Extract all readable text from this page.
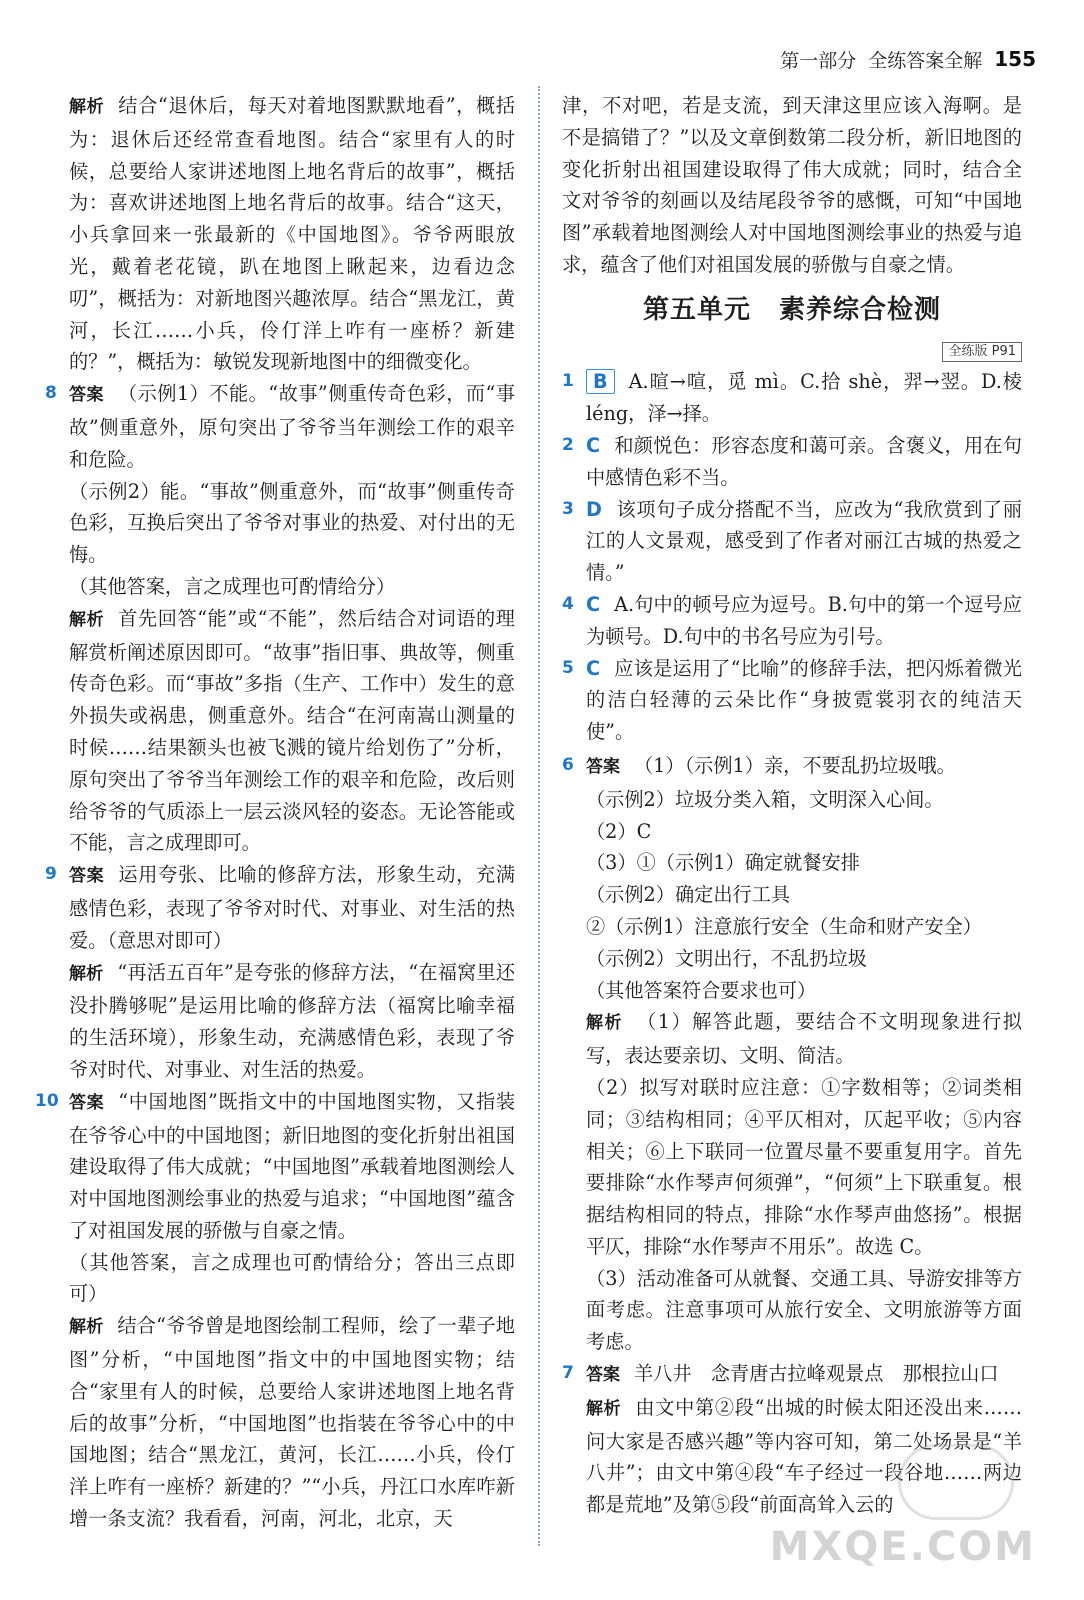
第一部分 全练答案全解 155

解析 结合“退休后，每天对着地图默默地看”，概括为：退休后还经常查看地图。结合“家里有人的时候，总要给人家讲述地图上地名背后的故事”，概括为：喜欢讲述地图上地名背后的故事。结合“这天，小兵拿回来一张最新的《中国地图》。爷爷两眼放光，戴着老花镜，趴在地图上瞅起来，边看边念叨”，概括为：对新地图兴趣浓厚。结合“黑龙江，黄河，长江……小兵，伶仃洋上咋有一座桥？新建的？”，概括为：敏锐发现新地图中的细微变化。

8 答案 （示例1）不能。“故事”侧重传奇色彩，而“事故”侧重意外，原句突出了爷爷当年测绘工作的艰辛和危险。

（示例2）能。“事故”侧重意外，而“故事”侧重传奇色彩，互换后突出了爷爷对事业的热爱、对付出的无悔。

（其他答案，言之成理也可酌情给分）

解析 首先回答“能”或“不能”，然后结合对词语的理解赏析阐述原因即可。“故事”指旧事、典故等，侧重传奇色彩。而“事故”多指（生产、工作中）发生的意外损失或祸患，侧重意外。结合“在河南嵩山测量的时候……结果额头也被飞溅的镜片给划伤了”分析，原句突出了爷爷当年测绘工作的艰辛和危险，改后则给爷爷的气质添上一层云淡风轻的姿态。无论答能或不能，言之成理即可。

9 答案 运用夸张、比喻的修辞方法，形象生动，充满感情色彩，表现了爷爷对时代、对事业、对生活的热爱。（意思对即可）

解析 “再活五百年”是夸张的修辞方法，“在福窝里还没扑腾够呢”是运用比喻的修辞方法（福窝比喻幸福的生活环境），形象生动，充满感情色彩，表现了爷爷对时代、对事业、对生活的热爱。

10 答案 “中国地图”既指文中的中国地图实物，又指装在爷爷心中的中国地图；新旧地图的变化折射出祖国建设取得了伟大成就；“中国地图”承载着地图测绘人对中国地图测绘事业的热爱与追求；“中国地图”蕴含了对祖国发展的骄傲与自豪之情。

（其他答案，言之成理也可酌情给分；答出三点即可）

解析 结合“爷爷曾是地图绘制工程师，绘了一辈子地图”分析，“中国地图”指文中的中国地图实物；结合“家里有人的时候，总要给人家讲述地图上地名背后的故事”分析，“中国地图”也指装在爷爷心中的中国地图；结合“黑龙江，黄河，长江……小兵，伶仃洋上咋有一座桥？新建的？”“小兵，丹江口水库咋新增一条支流？我看看，河南，河北，北京，天

津，不对吧，若是支流，到天津这里应该入海啊。是不是搞错了？”以及文章倒数第二段分析，新旧地图的变化折射出祖国建设取得了伟大成就；同时，结合全文对爷爷的刻画以及结尾段爷爷的感慨，可知“中国地图”承载着地图测绘人对中国地图测绘事业的热爱与追求，蕴含了他们对祖国发展的骄傲与自豪之情。

第五单元 素养综合检测
全练版 P91
1 B A.暄→喧，觅 mì。C.拾 shè，羿→翌。D.棱 léng，泽→择。
2 C 和颜悦色：形容态度和蔼可亲。含褒义，用在句中感情色彩不当。
3 D 该项句子成分搭配不当，应改为“我欣赏到了丽江的人文景观，感受到了作者对丽江古城的热爱之情。”
4 C A.句中的顿号应为逗号。B.句中的第一个逗号应为顿号。D.句中的书名号应为引号。
5 C 应该是运用了“比喻”的修辞手法，把闪烁着微光的洁白轻薄的云朵比作“身披霓裳羽衣的纯洁天使”。
6 答案 （1）（示例1）亲，不要乱扔垃圾哦。

（示例2）垃圾分类入箱，文明深入心间。

（2）C

（3）①（示例1）确定就餐安排

（示例2）确定出行工具

②（示例1）注意旅行安全（生命和财产安全）

（示例2）文明出行，不乱扔垃圾

（其他答案符合要求也可）

解析 （1）解答此题，要结合不文明现象进行拟写，表达要亲切、文明、简洁。

（2）拟写对联时应注意：①字数相等；②词类相同；③结构相同；④平仄相对，仄起平收；⑤内容相关；⑥上下联同一位置尽量不要重复用字。首先要排除“水作琴声何须弹”，“何须”上下联重复。根据结构相同的特点，排除“水作琴声曲悠扬”。根据平仄，排除“水作琴声不用乐”。故选 C。

（3）活动准备可从就餐、交通工具、导游安排等方面考虑。注意事项可从旅行安全、文明旅游等方面考虑。

7 答案 羊八井　念青唐古拉峰观景点　那根拉山口

解析 由文中第②段“出城的时候太阳还没出来……问大家是否感兴趣”等内容可知，第二处场景是“羊八井”；由文中第④段“车子经过一段谷地……两边都是荒地”及第⑤段“前面高耸入云的

MXQE.COM
